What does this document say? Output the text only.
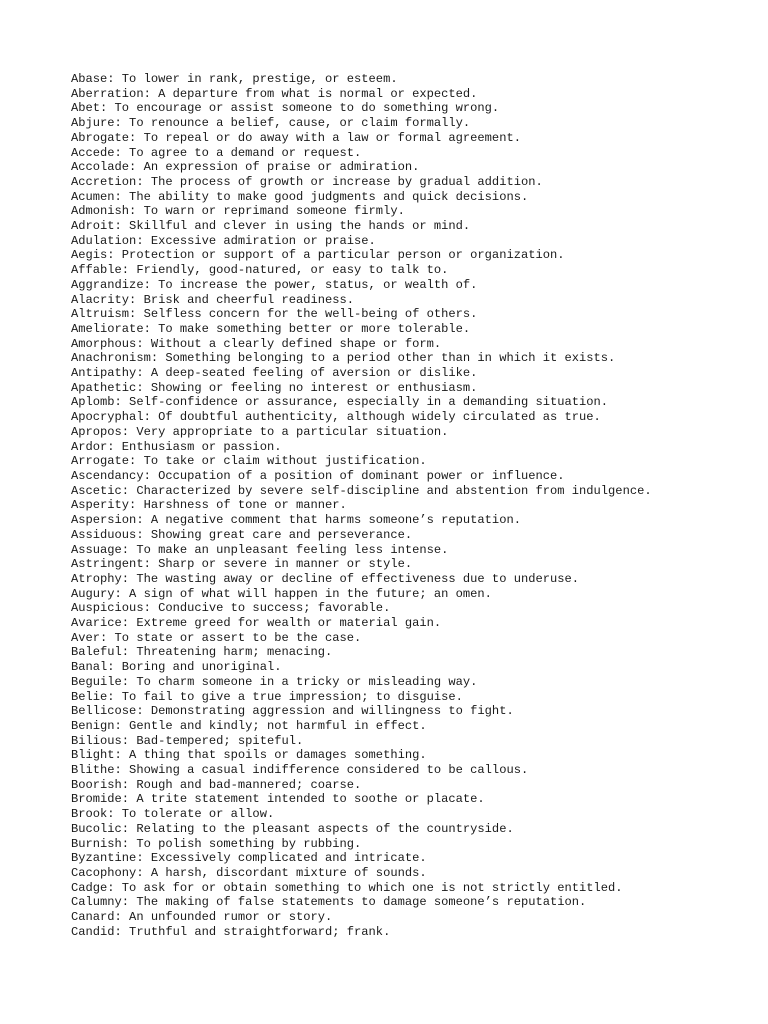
Abase: To lower in rank, prestige, or esteem.

Aberration: A departure from what is normal or expected.

Abet: To encourage or assist someone to do something wrong.

Abjure: To renounce a belief, cause, or claim formally.

Abrogate: To repeal or do away with a law or formal agreement.

Accede: To agree to a demand or request.

Accolade: An expression of praise or admiration.

Accretion: The process of growth or increase by gradual addition.

Acumen: The ability to make good judgments and quick decisions.

Admonish: To warn or reprimand someone firmly.

Adroit: Skillful and clever in using the hands or mind.

Adulation: Excessive admiration or praise.

Aegis: Protection or support of a particular person or organization.

Affable: Friendly, good-natured, or easy to talk to.

Aggrandize: To increase the power, status, or wealth of.

Alacrity: Brisk and cheerful readiness.

Altruism: Selfless concern for the well-being of others.

Ameliorate: To make something better or more tolerable.

Amorphous: Without a clearly defined shape or form.

Anachronism: Something belonging to a period other than in which it exists.

Antipathy: A deep-seated feeling of aversion or dislike.

Apathetic: Showing or feeling no interest or enthusiasm.

Aplomb: Self-confidence or assurance, especially in a demanding situation.

Apocryphal: Of doubtful authenticity, although widely circulated as true.

Apropos: Very appropriate to a particular situation.

Ardor: Enthusiasm or passion.

Arrogate: To take or claim without justification.

Ascendancy: Occupation of a position of dominant power or influence.

Ascetic: Characterized by severe self-discipline and abstention from indulgence.

Asperity: Harshness of tone or manner.

Aspersion: A negative comment that harms someone’s reputation.

Assiduous: Showing great care and perseverance.

Assuage: To make an unpleasant feeling less intense.

Astringent: Sharp or severe in manner or style.

Atrophy: The wasting away or decline of effectiveness due to underuse.

Augury: A sign of what will happen in the future; an omen.

Auspicious: Conducive to success; favorable.

Avarice: Extreme greed for wealth or material gain.

Aver: To state or assert to be the case.

Baleful: Threatening harm; menacing.

Banal: Boring and unoriginal.

Beguile: To charm someone in a tricky or misleading way.

Belie: To fail to give a true impression; to disguise.

Bellicose: Demonstrating aggression and willingness to fight.

Benign: Gentle and kindly; not harmful in effect.

Bilious: Bad-tempered; spiteful.

Blight: A thing that spoils or damages something.

Blithe: Showing a casual indifference considered to be callous.

Boorish: Rough and bad-mannered; coarse.

Bromide: A trite statement intended to soothe or placate.

Brook: To tolerate or allow.

Bucolic: Relating to the pleasant aspects of the countryside.

Burnish: To polish something by rubbing.

Byzantine: Excessively complicated and intricate.

Cacophony: A harsh, discordant mixture of sounds.

Cadge: To ask for or obtain something to which one is not strictly entitled.

Calumny: The making of false statements to damage someone’s reputation.

Canard: An unfounded rumor or story.

Candid: Truthful and straightforward; frank.
